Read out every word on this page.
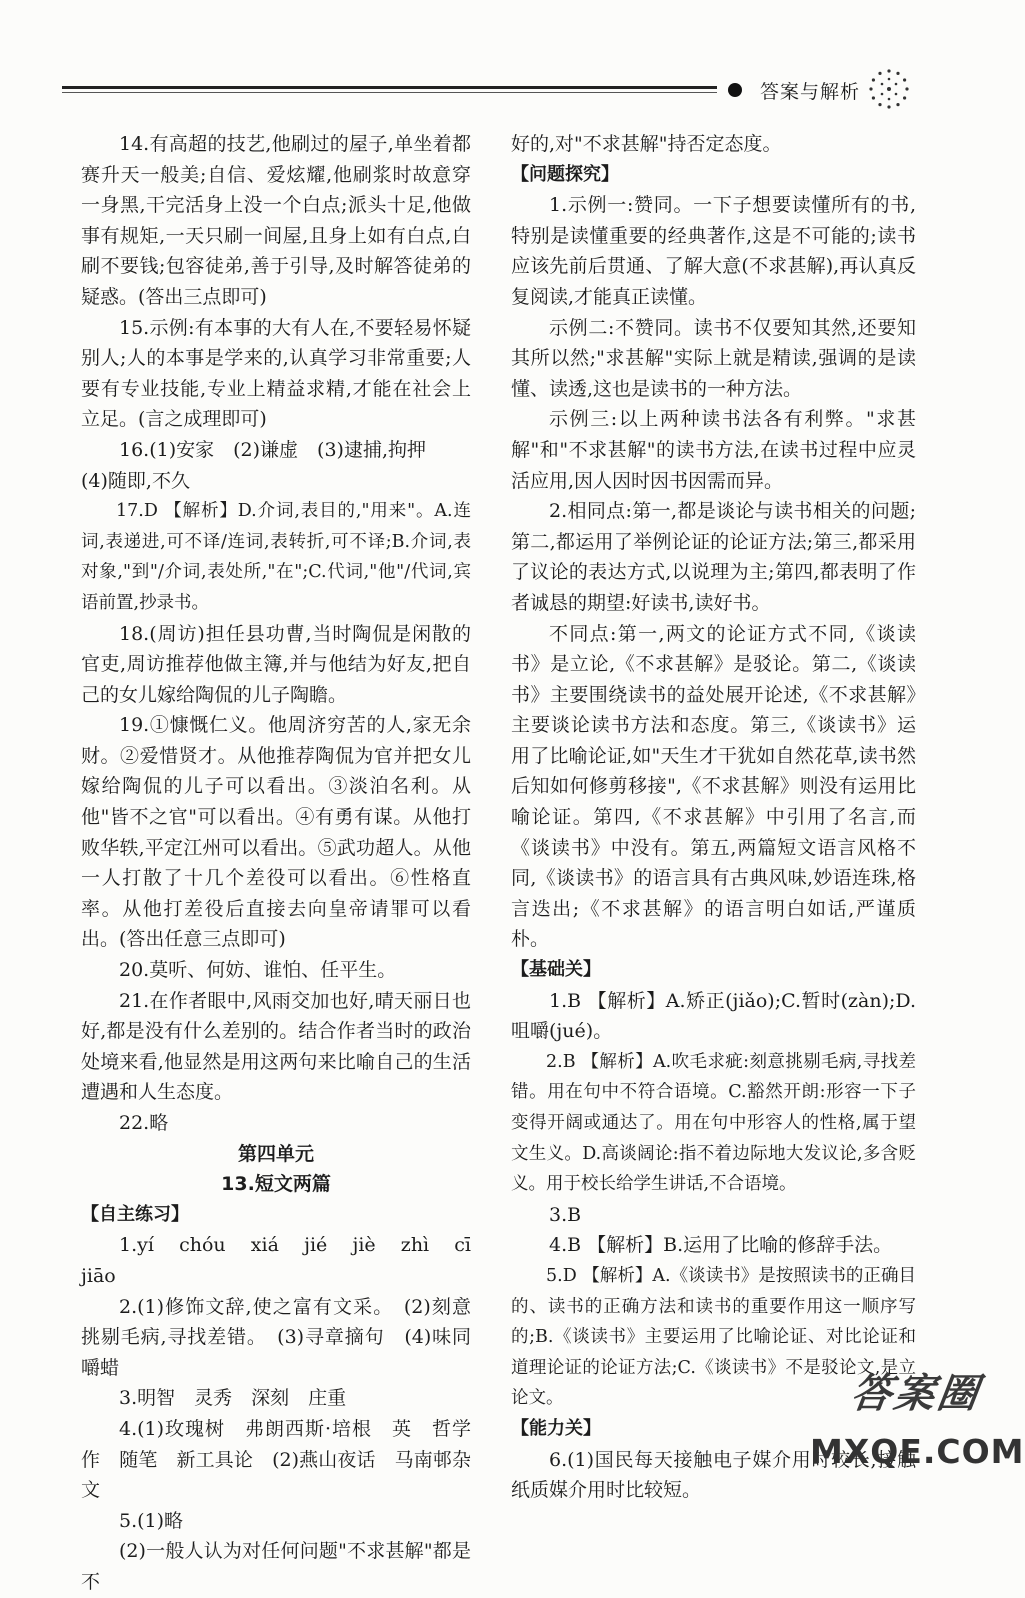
答案与解析

14.有高超的技艺,他刷过的屋子,单坐着都赛升天一般美;自信、爱炫耀,他刷浆时故意穿一身黑,干完活身上没一个白点;派头十足,他做事有规矩,一天只刷一间屋,且身上如有白点,白刷不要钱;包容徒弟,善于引导,及时解答徒弟的疑惑。(答出三点即可)

15.示例:有本事的大有人在,不要轻易怀疑别人;人的本事是学来的,认真学习非常重要;人要有专业技能,专业上精益求精,才能在社会上立足。(言之成理即可)

16.(1)安家　(2)谦虚　(3)逮捕,拘押

(4)随即,不久

17.D 【解析】D.介词,表目的,"用来"。A.连词,表递进,可不译/连词,表转折,可不译;B.介词,表对象,"到"/介词,表处所,"在";C.代词,"他"/代词,宾语前置,抄录书。

18.(周访)担任县功曹,当时陶侃是闲散的官吏,周访推荐他做主簿,并与他结为好友,把自己的女儿嫁给陶侃的儿子陶瞻。

19.①慷慨仁义。他周济穷苦的人,家无余财。②爱惜贤才。从他推荐陶侃为官并把女儿嫁给陶侃的儿子可以看出。③淡泊名利。从他"皆不之官"可以看出。④有勇有谋。从他打败华轶,平定江州可以看出。⑤武功超人。从他一人打散了十几个差役可以看出。⑥性格直率。从他打差役后直接去向皇帝请罪可以看出。(答出任意三点即可)

20.莫听、何妨、谁怕、任平生。

21.在作者眼中,风雨交加也好,晴天丽日也好,都是没有什么差别的。结合作者当时的政治处境来看,他显然是用这两句来比喻自己的生活遭遇和人生态度。

22.略

第四单元

13.短文两篇

【自主练习】

1.yí　chóu　xiá　jié　jiè　zhì　cī　jiāo

2.(1)修饰文辞,使之富有文采。　(2)刻意挑剔毛病,寻找差错。　(3)寻章摘句　(4)味同嚼蜡

3.明智　灵秀　深刻　庄重

4.(1)玫瑰树　弗朗西斯·培根　英　哲学作　随笔　新工具论　(2)燕山夜话　马南邨杂文

5.(1)略

(2)一般人认为对任何问题"不求甚解"都是不

好的,对"不求甚解"持否定态度。

【问题探究】

1.示例一:赞同。一下子想要读懂所有的书,特别是读懂重要的经典著作,这是不可能的;读书应该先前后贯通、了解大意(不求甚解),再认真反复阅读,才能真正读懂。

示例二:不赞同。读书不仅要知其然,还要知其所以然;"求甚解"实际上就是精读,强调的是读懂、读透,这也是读书的一种方法。

示例三:以上两种读书法各有利弊。"求甚解"和"不求甚解"的读书方法,在读书过程中应灵活应用,因人因时因书因需而异。

2.相同点:第一,都是谈论与读书相关的问题;第二,都运用了举例论证的论证方法;第三,都采用了议论的表达方式,以说理为主;第四,都表明了作者诚恳的期望:好读书,读好书。

不同点:第一,两文的论证方式不同,《谈读书》是立论,《不求甚解》是驳论。第二,《谈读书》主要围绕读书的益处展开论述,《不求甚解》主要谈论读书方法和态度。第三,《谈读书》运用了比喻论证,如"天生才干犹如自然花草,读书然后知如何修剪移接",《不求甚解》则没有运用比喻论证。第四,《不求甚解》中引用了名言,而《谈读书》中没有。第五,两篇短文语言风格不同,《谈读书》的语言具有古典风味,妙语连珠,格言迭出;《不求甚解》的语言明白如话,严谨质朴。

【基础关】

1.B 【解析】A.矫正(jiǎo);C.暂时(zàn);D.咀嚼(jué)。

2.B 【解析】A.吹毛求疵:刻意挑剔毛病,寻找差错。用在句中不符合语境。C.豁然开朗:形容一下子变得开阔或通达了。用在句中形容人的性格,属于望文生义。D.高谈阔论:指不着边际地大发议论,多含贬义。用于校长给学生讲话,不合语境。

3.B

4.B 【解析】B.运用了比喻的修辞手法。

5.D 【解析】A.《谈读书》是按照读书的正确目的、读书的正确方法和读书的重要作用这一顺序写的;B.《谈读书》主要运用了比喻论证、对比论证和道理论证的论证方法;C.《谈读书》不是驳论文,是立论文。

【能力关】

6.(1)国民每天接触电子媒介用时较长,接触纸质媒介用时比较短。

答案圈
MXQE.COM
